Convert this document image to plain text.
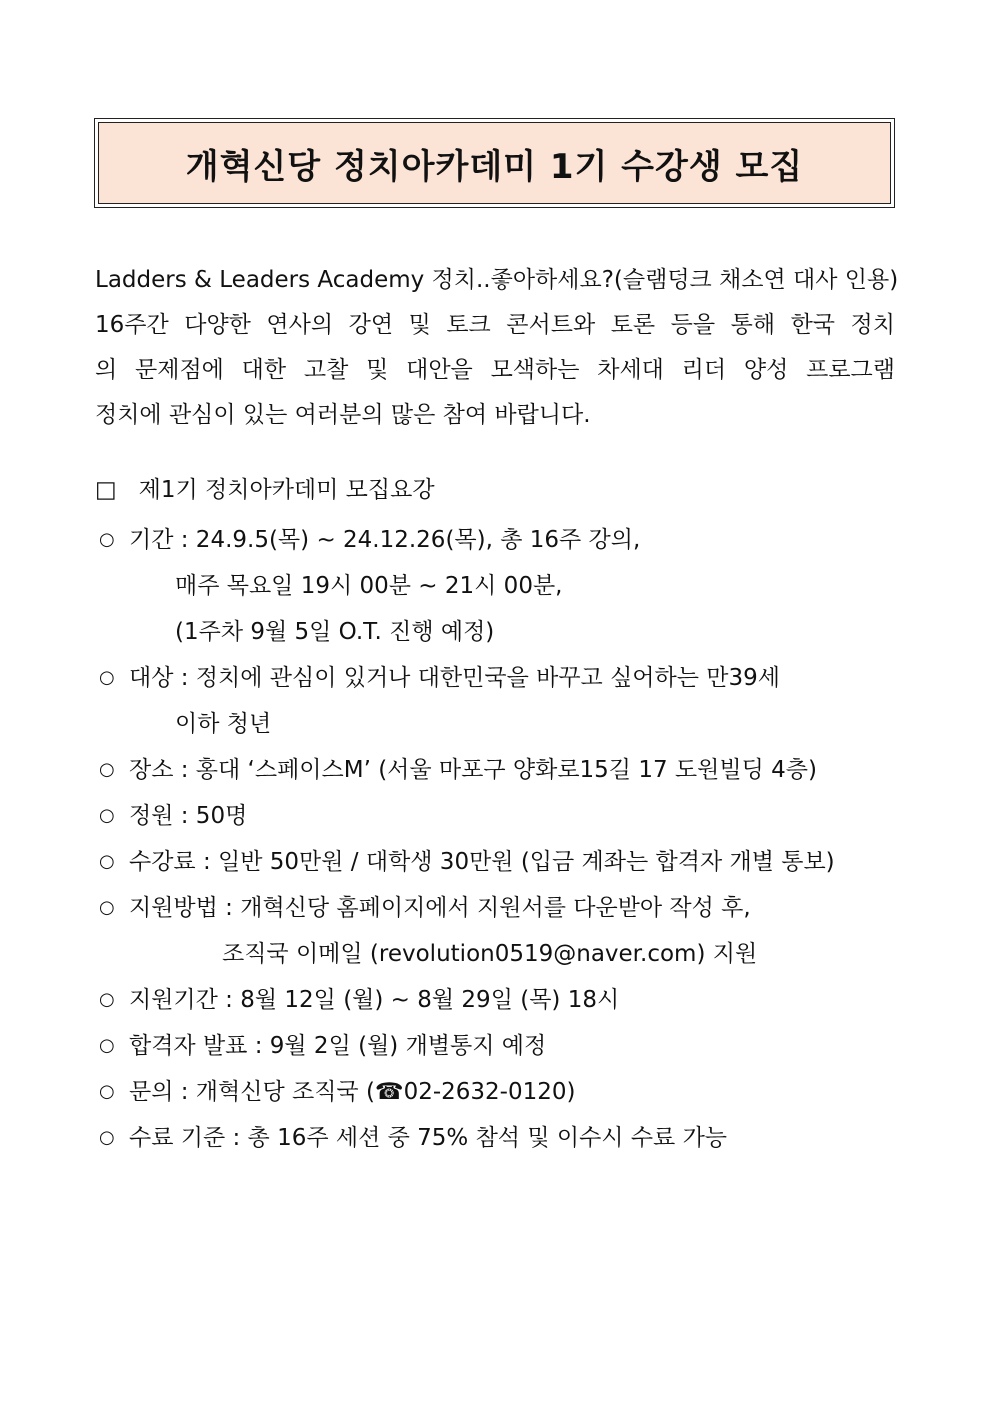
개혁신당 정치아카데미 1기 수강생 모집
Ladders & Leaders Academy 정치..좋아하세요?(슬램덩크 채소연 대사 인용)
16주간 다양한 연사의 강연 및 토크 콘서트와 토론 등을 통해 한국 정치
의 문제점에 대한 고찰 및 대안을 모색하는 차세대 리더 양성 프로그램
정치에 관심이 있는 여러분의 많은 참여 바랍니다.
□ 제1기 정치아카데미 모집요강
○ 기간 : 24.9.5(목) ~ 24.12.26(목), 총 16주 강의,
매주 목요일 19시 00분 ~ 21시 00분,
(1주차 9월 5일 O.T. 진행 예정)
○ 대상 : 정치에 관심이 있거나 대한민국을 바꾸고 싶어하는 만39세
이하 청년
○ 장소 : 홍대 ‘스페이스M’ (서울 마포구 양화로15길 17 도원빌딩 4층)
○ 정원 : 50명
○ 수강료 : 일반 50만원 / 대학생 30만원 (입금 계좌는 합격자 개별 통보)
○ 지원방법 : 개혁신당 홈페이지에서 지원서를 다운받아 작성 후,
조직국 이메일 (revolution0519@naver.com) 지원
○ 지원기간 : 8월 12일 (월) ~ 8월 29일 (목) 18시
○ 합격자 발표 : 9월 2일 (월) 개별통지 예정
○ 문의 : 개혁신당 조직국 (☎02-2632-0120)
○ 수료 기준 : 총 16주 세션 중 75% 참석 및 이수시 수료 가능
